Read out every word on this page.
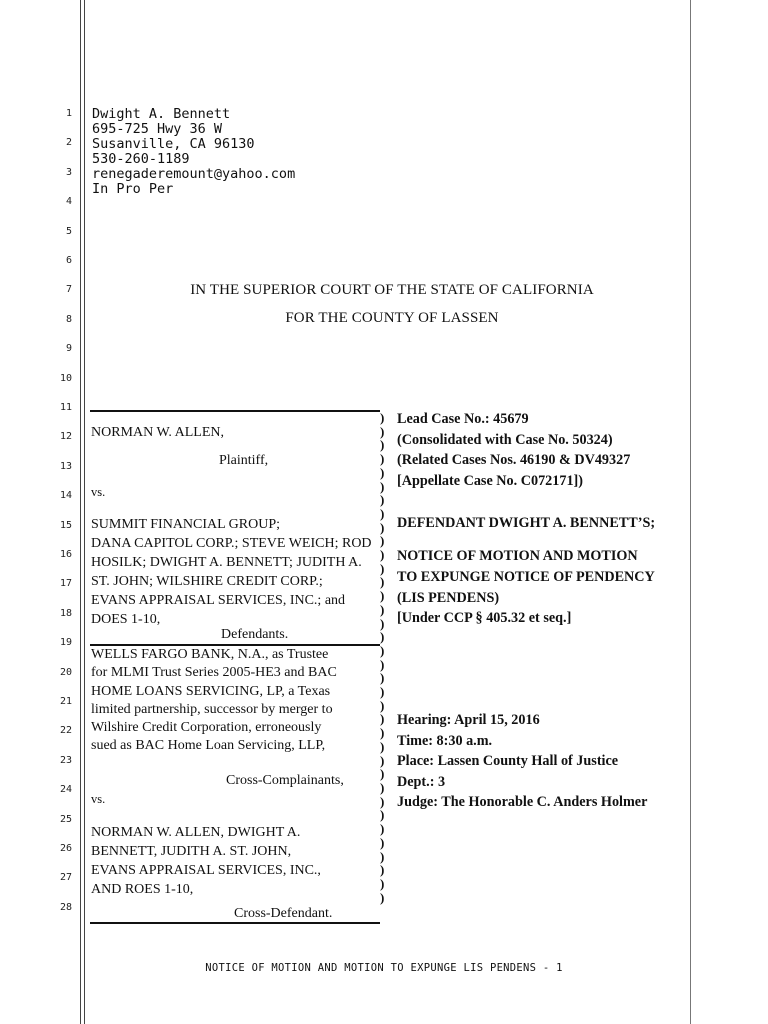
1
2
3
4
5
6
7
8
9
10
11
12
13
14
15
16
17
18
19
20
21
22
23
24
25
26
27
28
Dwight A. Bennett
695-725 Hwy 36 W
Susanville, CA 96130
530-260-1189
renegaderemount@yahoo.com
In Pro Per
IN THE SUPERIOR COURT OF THE STATE OF CALIFORNIA
FOR THE COUNTY OF LASSEN
NORMAN W. ALLEN,
Plaintiff,
vs.
SUMMIT FINANCIAL GROUP;
DANA CAPITOL CORP.; STEVE WEICH; ROD
HOSILK; DWIGHT A. BENNETT; JUDITH A.
ST. JOHN; WILSHIRE CREDIT CORP.;
EVANS APPRAISAL SERVICES, INC.; and
DOES 1-10,
Defendants.
WELLS FARGO BANK, N.A., as Trustee
for MLMI Trust Series 2005-HE3 and BAC
HOME LOANS SERVICING, LP, a Texas
limited partnership, successor by merger to
Wilshire Credit Corporation, erroneously
sued as BAC Home Loan Servicing, LLP,
Cross-Complainants,
vs.
NORMAN W. ALLEN, DWIGHT A.
BENNETT, JUDITH A. ST. JOHN,
EVANS APPRAISAL SERVICES, INC.,
AND ROES 1-10,
Cross-Defendant.
)
)
)
)
)
)
)
)
)
)
)
)
)
)
)
)
)
)
)
)
)
)
)
)
)
)
)
)
)
)
)
)
)
)
)
)
Lead Case No.: 45679
(Consolidated with Case No. 50324)
(Related Cases Nos. 46190 & DV49327
[Appellate Case No. C072171])
DEFENDANT DWIGHT A. BENNETT’S;
NOTICE OF MOTION AND MOTION
TO EXPUNGE NOTICE OF PENDENCY
(LIS PENDENS)
[Under CCP § 405.32 et seq.]
Hearing: April 15, 2016
Time: 8:30 a.m.
Place: Lassen County Hall of Justice
Dept.: 3
Judge: The Honorable C. Anders Holmer
NOTICE OF MOTION AND MOTION TO EXPUNGE LIS PENDENS - 1
